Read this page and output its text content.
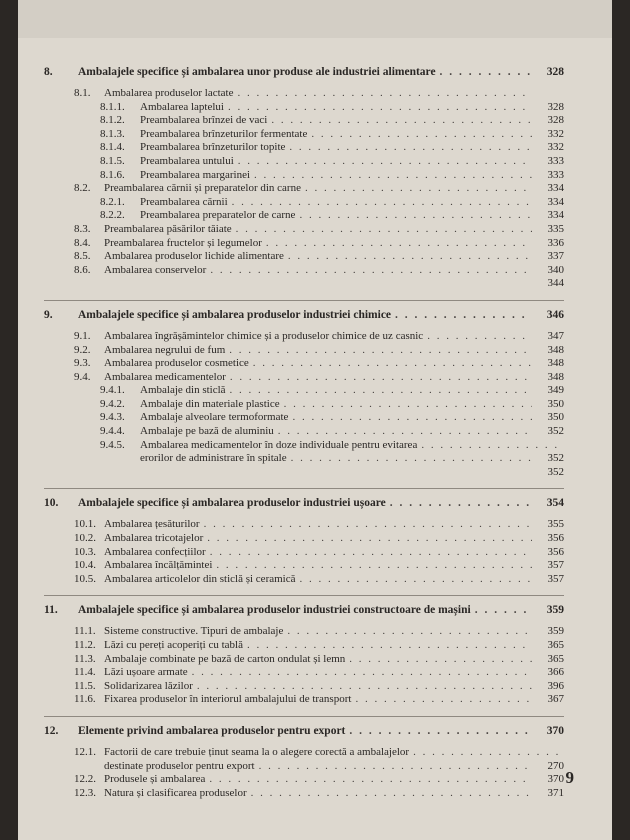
8.	Ambalajele specifice și ambalarea unor produse ale industriei alimentare . . .	328
8.1.	Ambalarea produselor lactate
. . .
8.1.1.	Ambalarea laptelui . . .	328
8.1.2.	Preambalarea brînzei de vaci . . .	328
8.1.3.	Preambalarea brînzeturilor fermentate . . .	332
8.1.4.	Preambalarea brînzeturilor topite . . .	332
8.1.5.	Preambalarea untului . . .	333
8.1.6.	Preambalarea margarinei . . .	333
8.2.	Preambalarea cărnii și preparatelor din carne . . .	334
8.2.1.	Preambalarea cărnii . . .	334
8.2.2.	Preambalarea preparatelor de carne . . .	334
8.3.	Preambalarea păsărilor tăiate . . .	335
8.4.	Preambalarea fructelor și legumelor . . .	336
8.5.	Ambalarea produselor lichide alimentare . . .	337
8.6.	Ambalarea conservelor . . .	340
344
9.	Ambalajele specifice și ambalarea produselor industriei chimice . . .	346
9.1.	Ambalarea îngrășămintelor chimice și a produselor chimice de uz casnic . . .	347
9.2.	Ambalarea negrului de fum . . .	348
9.3.	Ambalarea produselor cosmetice . . .	348
9.4.	Ambalarea medicamentelor . . .	348
9.4.1.	Ambalaje din sticlă . . .	349
9.4.2.	Ambalaje din materiale plastice . . .	350
9.4.3.	Ambalaje alveolare termoformate . . .	350
9.4.4.	Ambalaje pe bază de aluminiu . . .	352
9.4.5.	Ambalarea medicamentelor în doze individuale pentru evitarea
. . .
erorilor de administrare în spitale . . .	352
352
10.	Ambalajele specifice și ambalarea produselor industriei ușoare . . .	354
10.1. Ambalarea țesăturilor . . .	355
10.2. Ambalarea tricotajelor . . .	356
10.3. Ambalarea confecțiilor . . .	356
10.4. Ambalarea încălțămintei . . .	357
10.5. Ambalarea articolelor din sticlă și ceramică . . .	357
11.	Ambalajele specifice și ambalarea produselor industriei constructoare de mașini . . .	359
11.1. Sisteme constructive. Tipuri de ambalaje . . .	359
11.2. Lăzi cu pereți acoperiți cu tablă . . .	365
11.3. Ambalaje combinate pe bază de carton ondulat și lemn . . .	365
11.4. Lăzi ușoare armate . . .	366
11.5. Solidarizarea lăzilor . . .	396
11.6. Fixarea produselor în interiorul ambalajului de transport . . .	367
12.	Elemente privind ambalarea produselor pentru export . . .	370
12.1. Factorii de care trebuie ținut seama la o alegere corectă a ambalajelor
. . .
destinate produselor pentru export . . .	270
12.2. Produsele și ambalarea . . .	370
12.3. Natura și clasificarea produselor . . .	371
9
